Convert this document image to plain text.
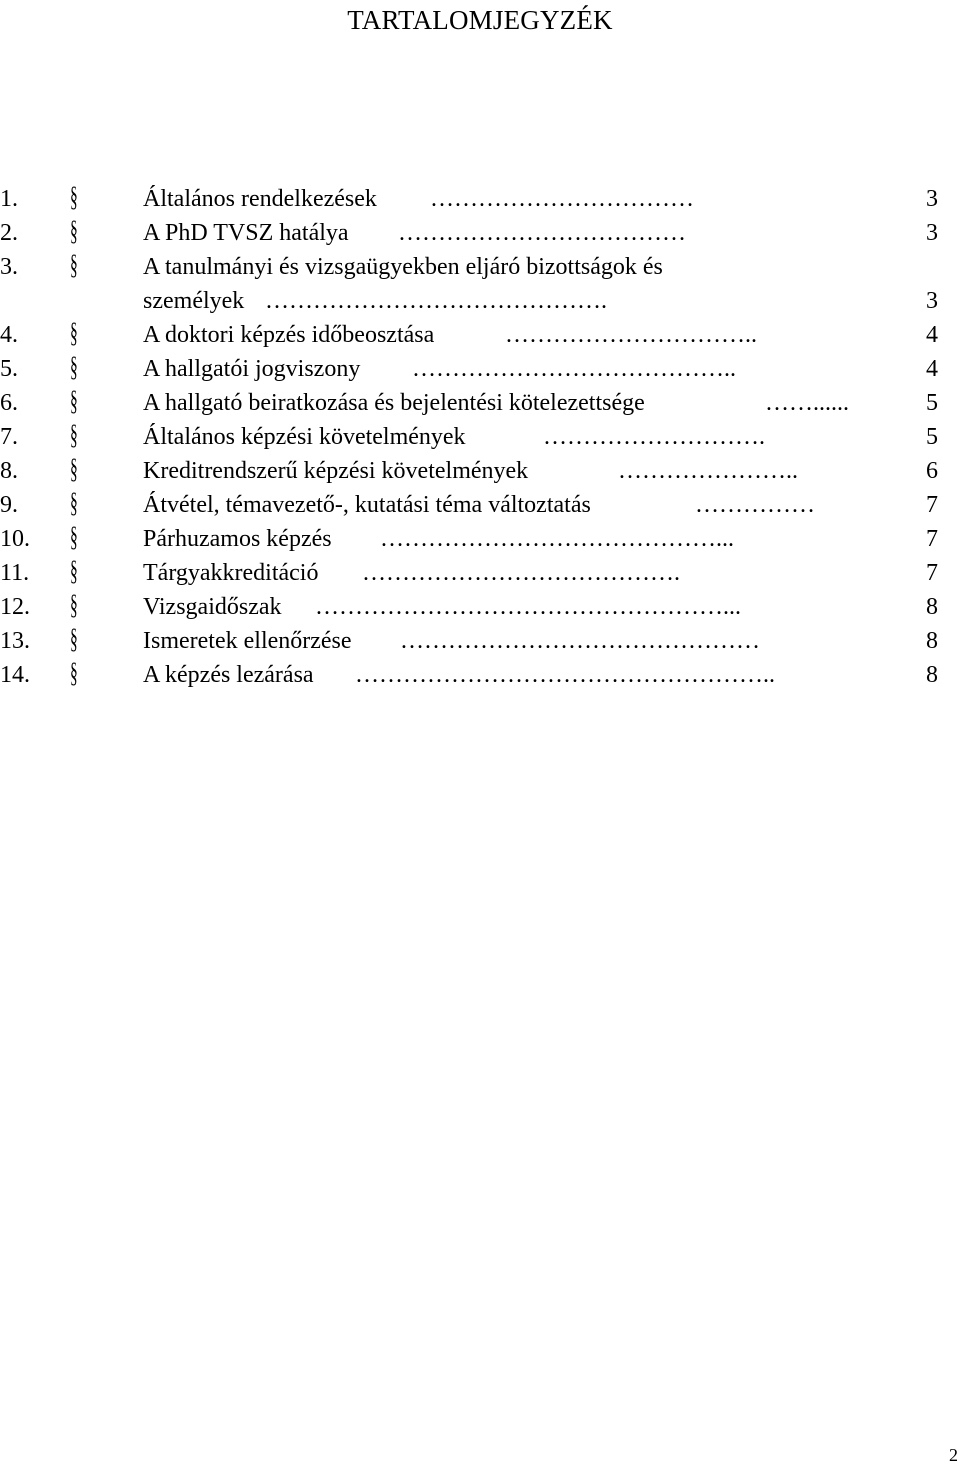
TARTALOMJEGYZÉK
1. §	Általános rendelkezések ……………………………	3
2. §	A PhD TVSZ hatálya ………………………………	3
3. §	A tanulmányi és vizsgaügyekben eljáró bizottságok és
személyek …………………………………….	3
4. §	A doktori képzés időbeosztása	…………………………..	4
5. §	A hallgatói jogviszony …………………………………..	4
6. §	A hallgató beiratkozása és bejelentési kötelezettsége	……......	5
7. §	Általános képzési követelmények	……………………….	5
8. §	Kreditrendszerű képzési követelmények	…………………..	6
9. §	Átvétel, témavezető-, kutatási téma változtatás	……………	7
10. §	Párhuzamos képzés ……………………………………...	7
11. §	Tárgyakkreditáció ………………………………….	7
12. §	Vizsgaidőszak ……………………………………………...	8
13. §	Ismeretek ellenőrzése ………………………………………	8
14. §	A képzés lezárása ……………………………………………..	8
2
